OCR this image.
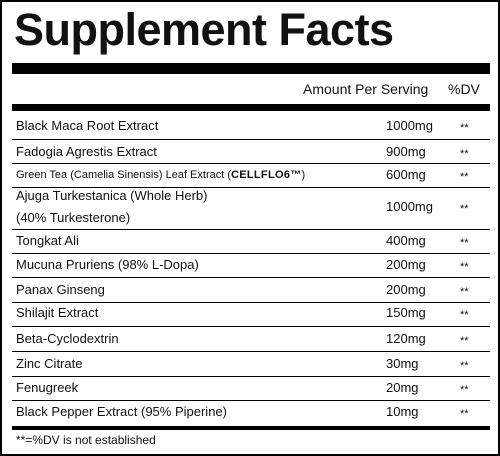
Supplement Facts
Amount Per Serving %DV
Black Maca Root Extract	1000mg **
Fadogia Agrestis Extract	900mg	**
Green Tea (Camelia Sinensis) Leaf Extract (CELLFLO6™)	600mg	**
Ajuga Turkestanica (Whole Herb)
(40% Turkesterone)
1000mg **
Tongkat Ali	400mg	**
Mucuna Pruriens (98% L-Dopa)	200mg	**
Panax Ginseng	200mg	**
Shilajit Extract	150mg	**
Beta-Cyclodextrin	120mg	**
Zinc Citrate	30mg	**
Fenugreek	20mg	**
Black Pepper Extract (95% Piperine)	10mg	**
**=%DV is not established
